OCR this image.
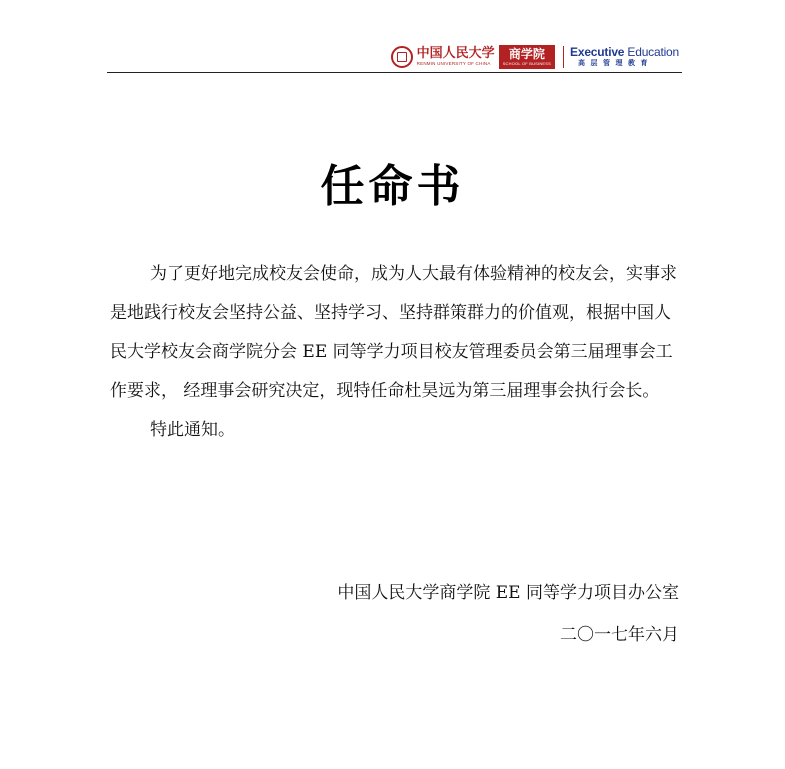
中国人民大学
RENMIN UNIVERSITY OF CHINA
商学院
SCHOOL OF BUSINESS
Executive Education
高层管理教育
任命书

为了更好地完成校友会使命，成为人大最有体验精神的校友会，实事求是地践行校友会坚持公益、坚持学习、坚持群策群力的价值观，根据中国人民大学校友会商学院分会 EE 同等学力项目校友管理委员会第三届理事会工作要求， 经理事会研究决定，现特任命杜昊远为第三届理事会执行会长。

特此通知。

中国人民大学商学院 EE 同等学力项目办公室
二〇一七年六月
